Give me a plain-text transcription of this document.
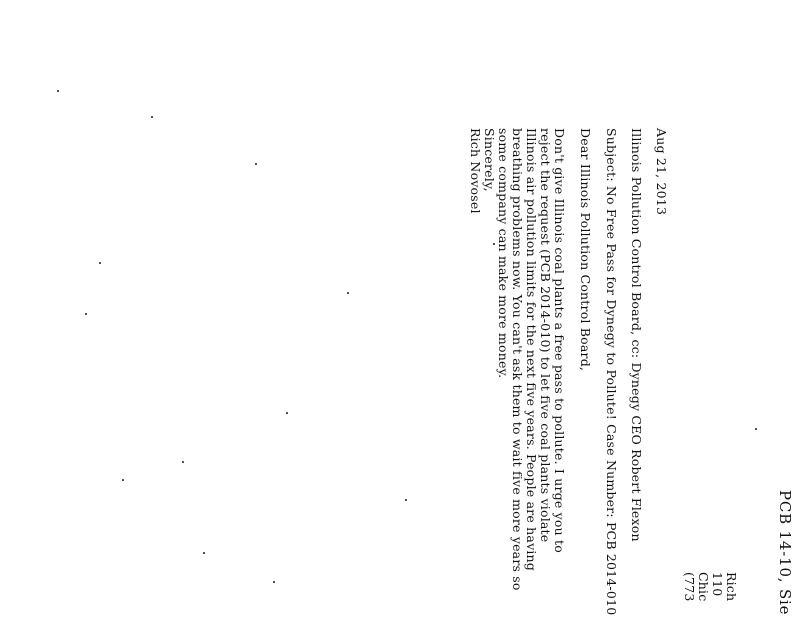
PCB 14-10, Sie
Rich
110
Chic
(773
Aug 21, 2013
Illinois Pollution Control Board, cc: Dynegy CEO Robert Flexon
Subject: No Free Pass for Dynegy to Pollute! Case Number: PCB 2014-010
Dear Illinois Pollution Control Board,
Don't give Illinois coal plants a free pass to pollute. I urge you to
reject the request (PCB 2014-010) to let five coal plants violate
Illinois air pollution limits for the next five years. People are having
breathing problems now. You can't ask them to wait five more years so
some company can make more money.
Sincerely,
Rich Novosel
